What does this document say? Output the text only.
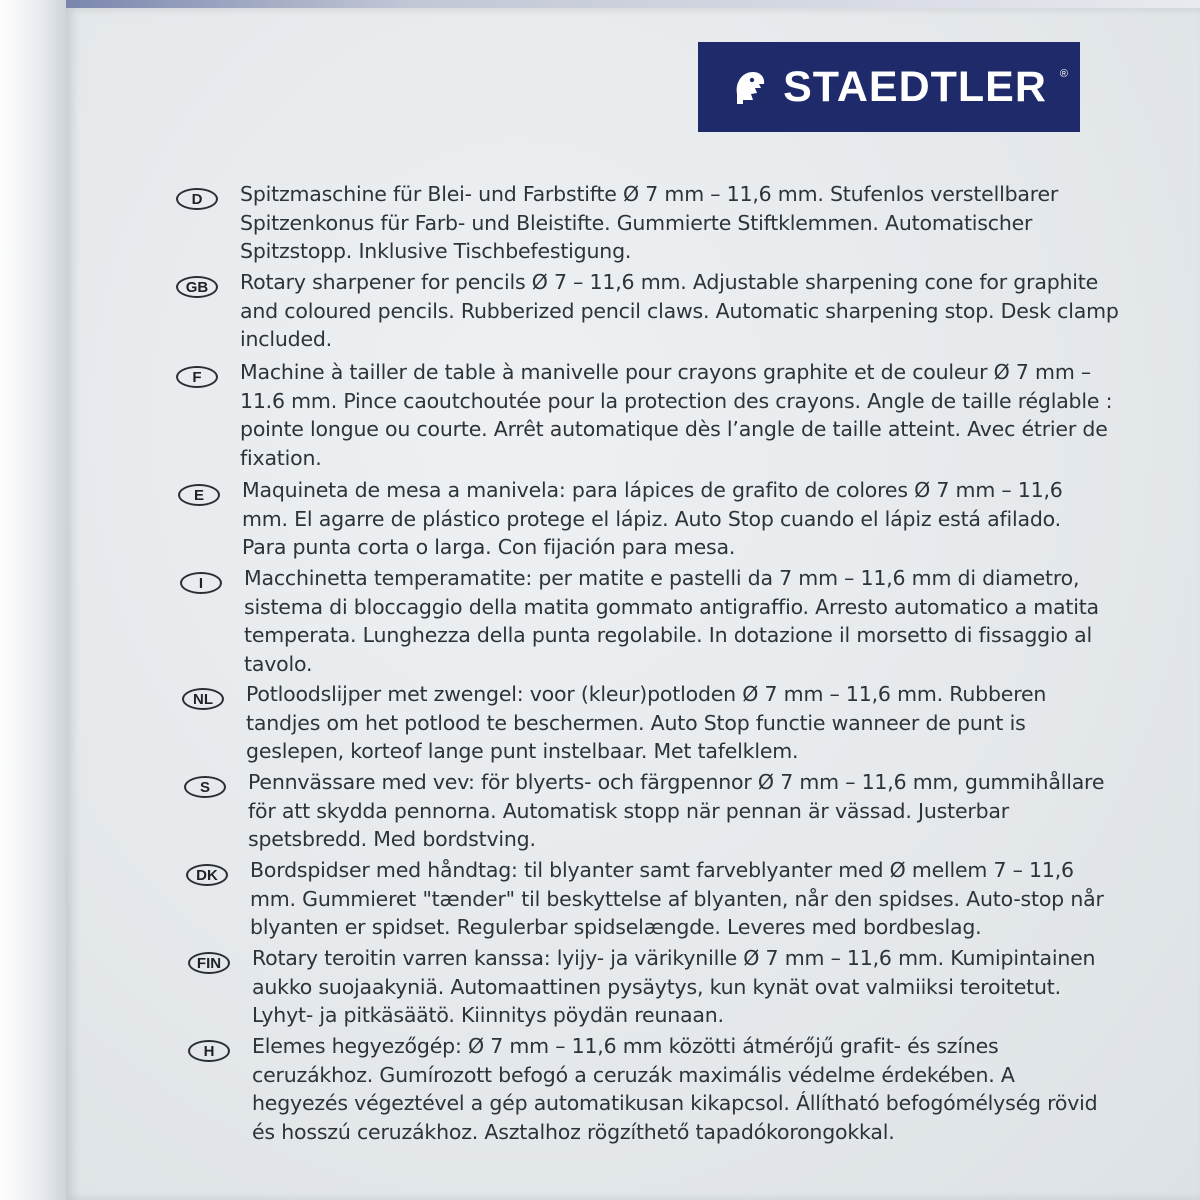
STAEDTLER ®
D	Spitzmaschine für Blei- und Farbstifte Ø 7 mm – 11,6 mm. Stufenlos verstellbarer Spitzenkonus für Farb- und Bleistifte. Gummierte Stiftklemmen. Automatischer Spitzstopp. Inklusive Tischbefestigung.

GB	Rotary sharpener for pencils Ø 7 – 11,6 mm. Adjustable sharpening cone for graphite and coloured pencils. Rubberized pencil claws. Automatic sharpening stop. Desk clamp included.

F	Machine à tailler de table à manivelle pour crayons graphite et de couleur Ø 7 mm – 11.6 mm. Pince caoutchoutée pour la protection des crayons. Angle de taille réglable : pointe longue ou courte. Arrêt automatique dès l’angle de taille atteint. Avec étrier de fixation.

E	Maquineta de mesa a manivela: para lápices de grafito de colores Ø 7 mm – 11,6 mm. El agarre de plástico protege el lápiz. Auto Stop cuando el lápiz está afilado. Para punta corta o larga. Con fijación para mesa.

I	Macchinetta temperamatite: per matite e pastelli da 7 mm – 11,6 mm di diametro, sistema di bloccaggio della matita gommato antigraffio. Arresto automatico a matita temperata. Lunghezza della punta regolabile. In dotazione il morsetto di fissaggio al tavolo.

NL	Potloodslijper met zwengel: voor (kleur)potloden Ø 7 mm – 11,6 mm. Rubberen tandjes om het potlood te beschermen. Auto Stop functie wanneer de punt is geslepen, korteof lange punt instelbaar. Met tafelklem.

S	Pennvässare med vev: för blyerts- och färgpennor Ø 7 mm – 11,6 mm, gummihållare för att skydda pennorna. Automatisk stopp när pennan är vässad. Justerbar spetsbredd. Med bordstving.

DK	Bordspidser med håndtag: til blyanter samt farveblyanter med Ø mellem 7 – 11,6 mm. Gummieret "tænder" til beskyttelse af blyanten, når den spidses. Auto-stop når blyanten er spidset. Regulerbar spidselængde. Leveres med bordbeslag.

FIN	Rotary teroitin varren kanssa: lyijy- ja värikynille Ø 7 mm – 11,6 mm. Kumipintainen aukko suojaakyniä. Automaattinen pysäytys, kun kynät ovat valmiiksi teroitetut. Lyhyt- ja pitkäsäätö. Kiinnitys pöydän reunaan.

H	Elemes hegyezőgép: Ø 7 mm – 11,6 mm közötti átmérőjű grafit- és színes ceruzákhoz. Gumírozott befogó a ceruzák maximális védelme érdekében. A hegyezés végeztével a gép automatikusan kikapcsol. Állítható befogómélység rövid és hosszú ceruzákhoz. Asztalhoz rögzíthető tapadókorongokkal.
